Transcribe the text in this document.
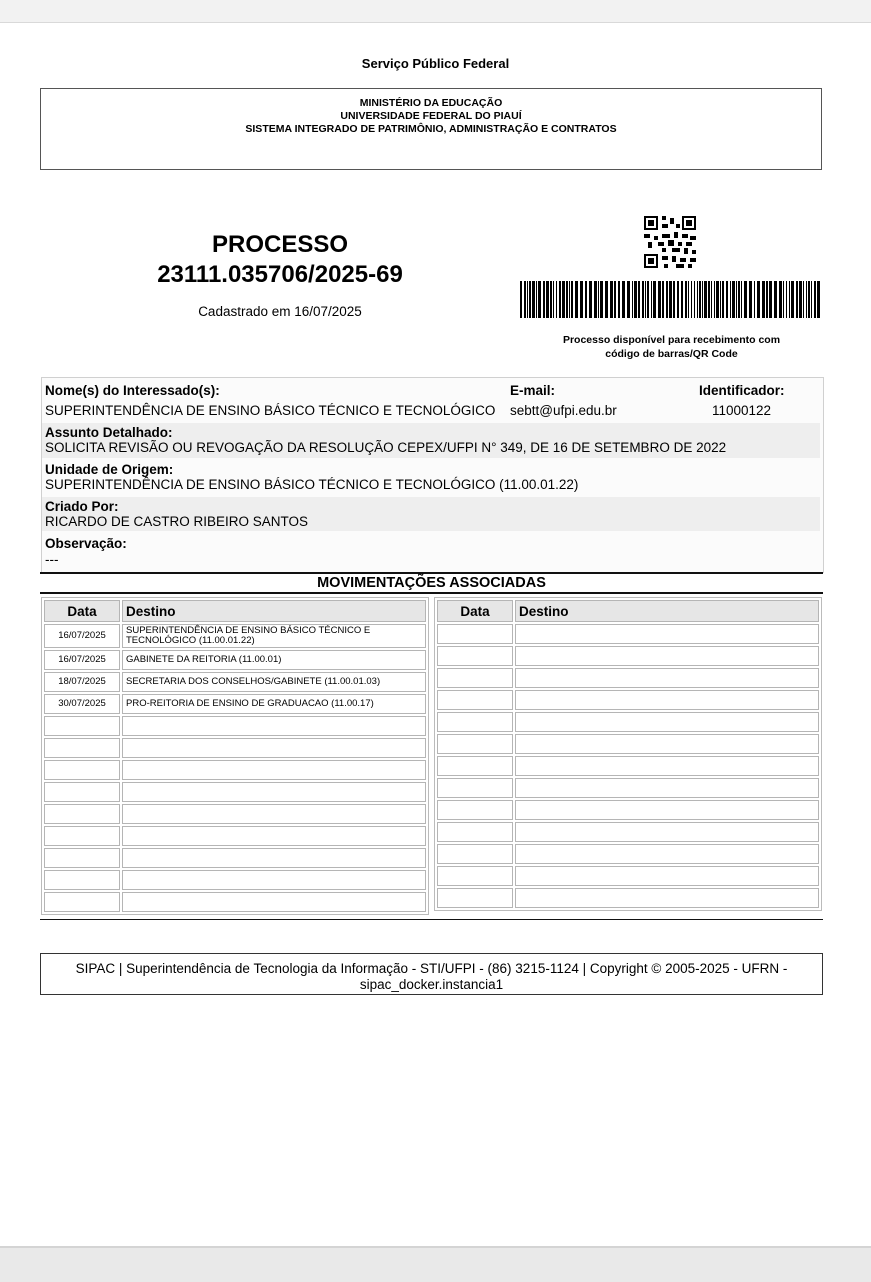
Serviço Público Federal
MINISTÉRIO DA EDUCAÇÃO
UNIVERSIDADE FEDERAL DO PIAUÍ
SISTEMA INTEGRADO DE PATRIMÔNIO, ADMINISTRAÇÃO E CONTRATOS
PROCESSO
23111.035706/2025-69
Cadastrado em 16/07/2025
Processo disponível para recebimento com
código de barras/QR Code
Nome(s) do Interessado(s):
SUPERINTENDÊNCIA DE ENSINO BÁSICO TÉCNICO E TECNOLÓGICO
E-mail:
sebtt@ufpi.edu.br
Identificador:
11000122
Assunto Detalhado:
SOLICITA REVISÃO OU REVOGAÇÃO DA RESOLUÇÃO CEPEX/UFPI N° 349, DE 16 DE SETEMBRO DE 2022
Unidade de Origem:
SUPERINTENDÊNCIA DE ENSINO BÁSICO TÉCNICO E TECNOLÓGICO (11.00.01.22)
Criado Por:
RICARDO DE CASTRO RIBEIRO SANTOS
Observação:
---
MOVIMENTAÇÕES ASSOCIADAS
Data	Destino
16/07/2025	SUPERINTENDÊNCIA DE ENSINO BÁSICO TÉCNICO E
TECNOLÓGICO (11.00.01.22)

16/07/2025	GABINETE DA REITORIA (11.00.01)
18/07/2025	SECRETARIA DOS CONSELHOS/GABINETE (11.00.01.03)
30/07/2025	PRO-REITORIA DE ENSINO DE GRADUACAO (11.00.17)

Data	Destino

SIPAC | Superintendência de Tecnologia da Informação - STI/UFPI - (86) 3215-1124 | Copyright © 2005-2025 - UFRN -
sipac_docker.instancia1
